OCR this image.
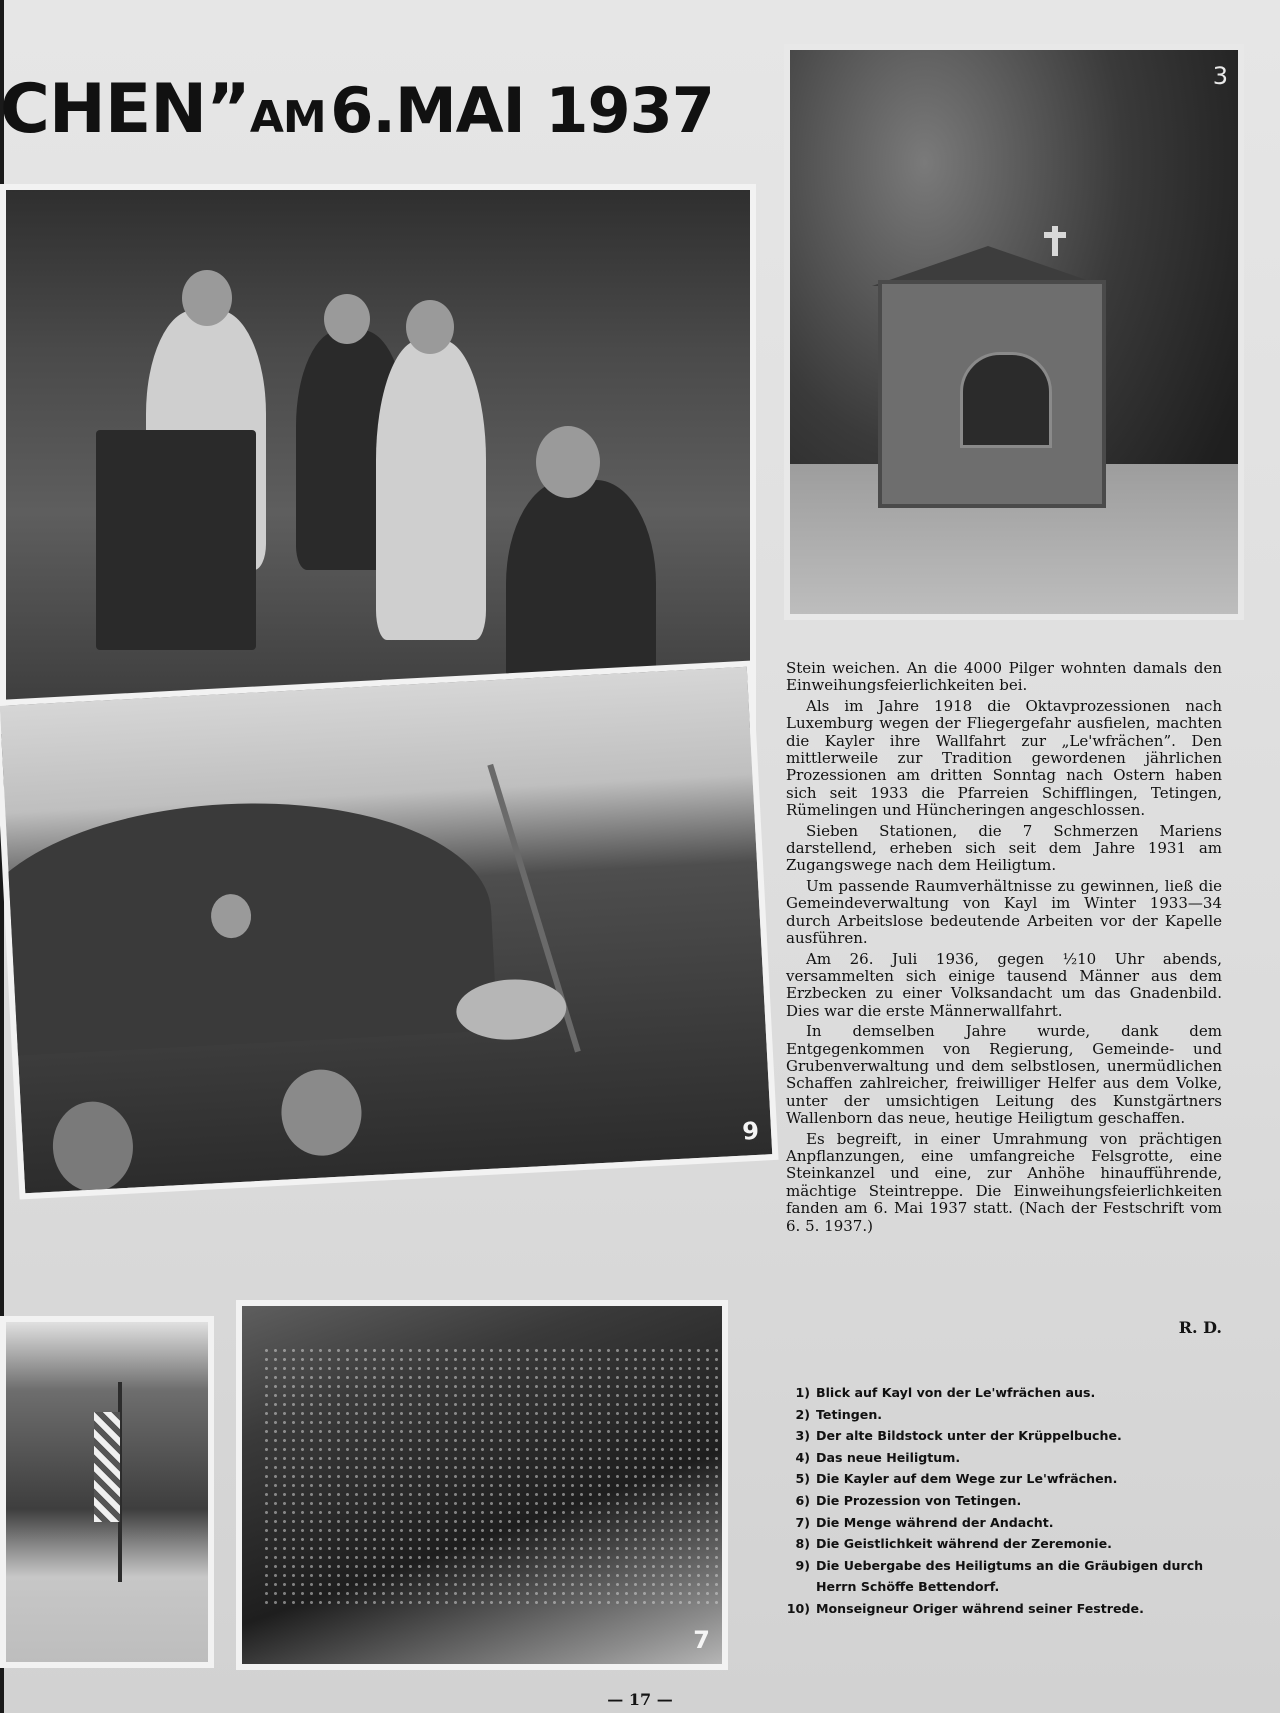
CHEN”AM 6.MAI 1937	3
9
7

Stein weichen. An die 4000 Pilger wohnten damals den Einweihungsfeierlichkeiten bei.

Als im Jahre 1918 die Oktavprozessionen nach Luxemburg wegen der Fliegergefahr ausfielen, machten die Kayler ihre Wallfahrt zur „Le'wfrächen”. Den mittlerweile zur Tradition gewordenen jährlichen Prozessionen am dritten Sonntag nach Ostern haben sich seit 1933 die Pfarreien Schifflingen, Tetingen, Rümelingen und Hüncheringen angeschlossen.

Sieben Stationen, die 7 Schmerzen Mariens darstellend, erheben sich seit dem Jahre 1931 am Zugangswege nach dem Heiligtum.

Um passende Raumverhältnisse zu gewinnen, ließ die Gemeindeverwaltung von Kayl im Winter 1933—34 durch Arbeitslose bedeutende Arbeiten vor der Kapelle ausführen.

Am 26. Juli 1936, gegen ½10 Uhr abends, versammelten sich einige tausend Männer aus dem Erzbecken zu einer Volksandacht um das Gnadenbild. Dies war die erste Männerwallfahrt.

In demselben Jahre wurde, dank dem Entgegenkommen von Regierung, Gemeinde- und Grubenverwaltung und dem selbstlosen, unermüdlichen Schaffen zahlreicher, freiwilliger Helfer aus dem Volke, unter der umsichtigen Leitung des Kunstgärtners Wallenborn das neue, heutige Heiligtum geschaffen.

Es begreift, in einer Umrahmung von prächtigen Anpflanzungen, eine umfangreiche Felsgrotte, eine Steinkanzel und eine, zur Anhöhe hinaufführende, mächtige Steintreppe. Die Einweihungsfeierlichkeiten fanden am 6. Mai 1937 statt. (Nach der Festschrift vom 6. 5. 1937.)

R. D.
1) Blick auf Kayl von der Le'wfrächen aus.
2) Tetingen.
3) Der alte Bildstock unter der Krüppelbuche.
4) Das neue Heiligtum.
5) Die Kayler auf dem Wege zur Le'wfrächen.
6) Die Prozession von Tetingen.
7) Die Menge während der Andacht.
8) Die Geistlichkeit während der Zeremonie.
9) Die Uebergabe des Heiligtums an die Gräubigen durch Herrn Schöffe Bettendorf.
10) Monseigneur Origer während seiner Festrede.
— 17 —
